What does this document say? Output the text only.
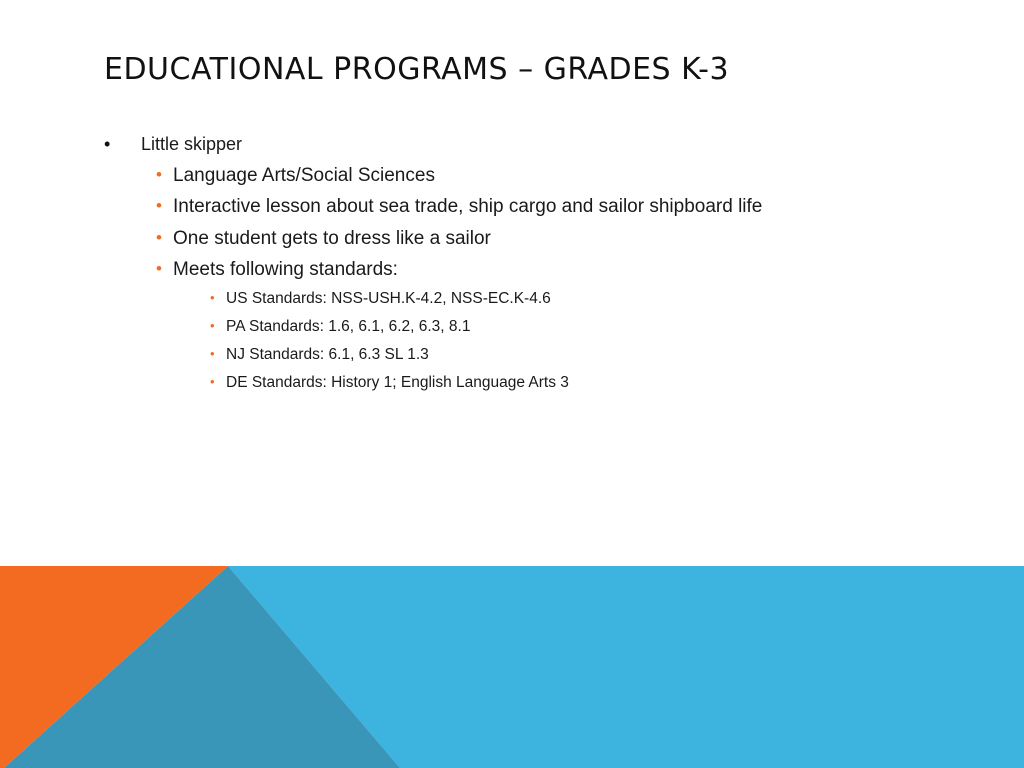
EDUCATIONAL PROGRAMS – GRADES K-3
• Little skipper
• Language Arts/Social Sciences
• Interactive lesson about sea trade, ship cargo and sailor shipboard life
• One student gets to dress like a sailor
• Meets following standards:
• US Standards: NSS-USH.K-4.2, NSS-EC.K-4.6
• PA Standards: 1.6, 6.1, 6.2, 6.3, 8.1
• NJ Standards: 6.1, 6.3 SL 1.3
• DE Standards: History 1; English Language Arts 3
